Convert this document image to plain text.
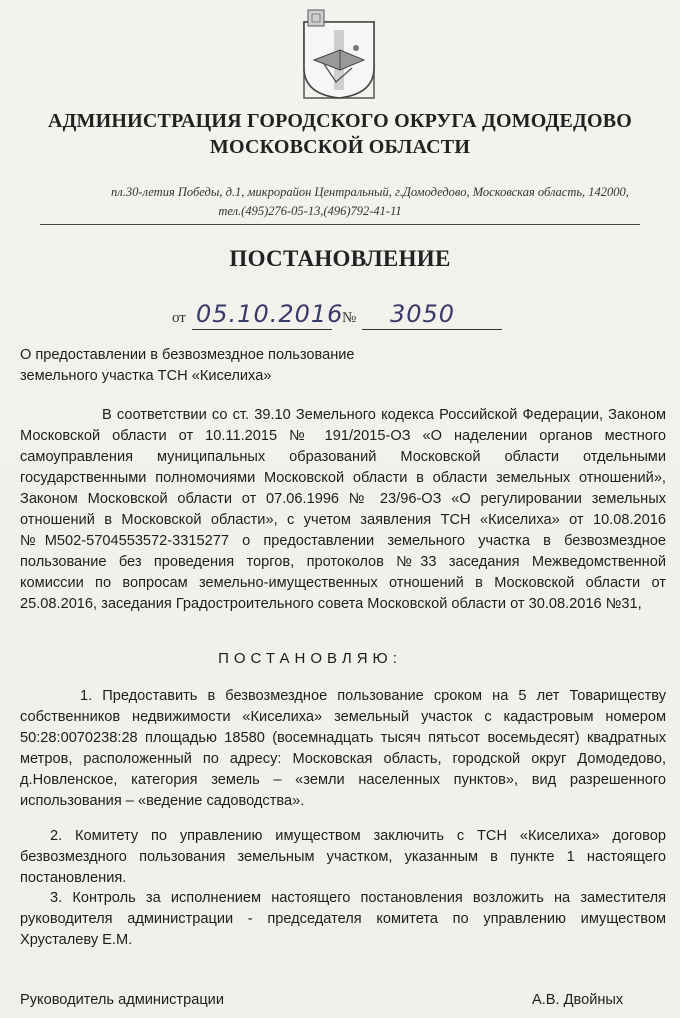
АДМИНИСТРАЦИЯ ГОРОДСКОГО ОКРУГА ДОМОДЕДОВО
МОСКОВСКОЙ ОБЛАСТИ
пл.30-летия Победы, д.1, микрорайон Центральный, г.Домодедово, Московская область, 142000,
тел.(495)276-05-13,(496)792-41-11
ПОСТАНОВЛЕНИЕ
от 05.10.2016
№ 3050
О предоставлении в безвозмездное пользование
земельного участка ТСН «Киселиха»
В соответствии со ст. 39.10 Земельного кодекса Российской Федерации, Законом Московской области от 10.11.2015 № 191/2015-ОЗ «О наделении органов местного самоуправления муниципальных образований Московской области отдельными государственными полномочиями Московской области в области земельных отношений», Законом Московской области от 07.06.1996 № 23/96-ОЗ «О регулировании земельных отношений в Московской области», с учетом заявления ТСН «Киселиха» от 10.08.2016 №M502-5704553572-3315277 о предоставлении земельного участка в безвозмездное пользование без проведения торгов, протоколов №33 заседания Межведомственной комиссии по вопросам земельно-имущественных отношений в Московской области от 25.08.2016, заседания Градостроительного совета Московской области от 30.08.2016 №31,
ПОСТАНОВЛЯЮ:
1. Предоставить в безвозмездное пользование сроком на 5 лет Товариществу собственников недвижимости «Киселиха» земельный участок с кадастровым номером 50:28:0070238:28 площадью 18580 (восемнадцать тысяч пятьсот восемьдесят) квадратных метров, расположенный по адресу: Московская область, городской округ Домодедово, д.Новленское, категория земель – «земли населенных пунктов», вид разрешенного использования – «ведение садоводства».
2. Комитету по управлению имуществом заключить с ТСН «Киселиха» договор безвозмездного пользования земельным участком, указанным в пункте 1 настоящего постановления.
3. Контроль за исполнением настоящего постановления возложить на заместителя руководителя администрации - председателя комитета по управлению имуществом Хрусталеву Е.М.
Руководитель администрации	А.В. Двойных
